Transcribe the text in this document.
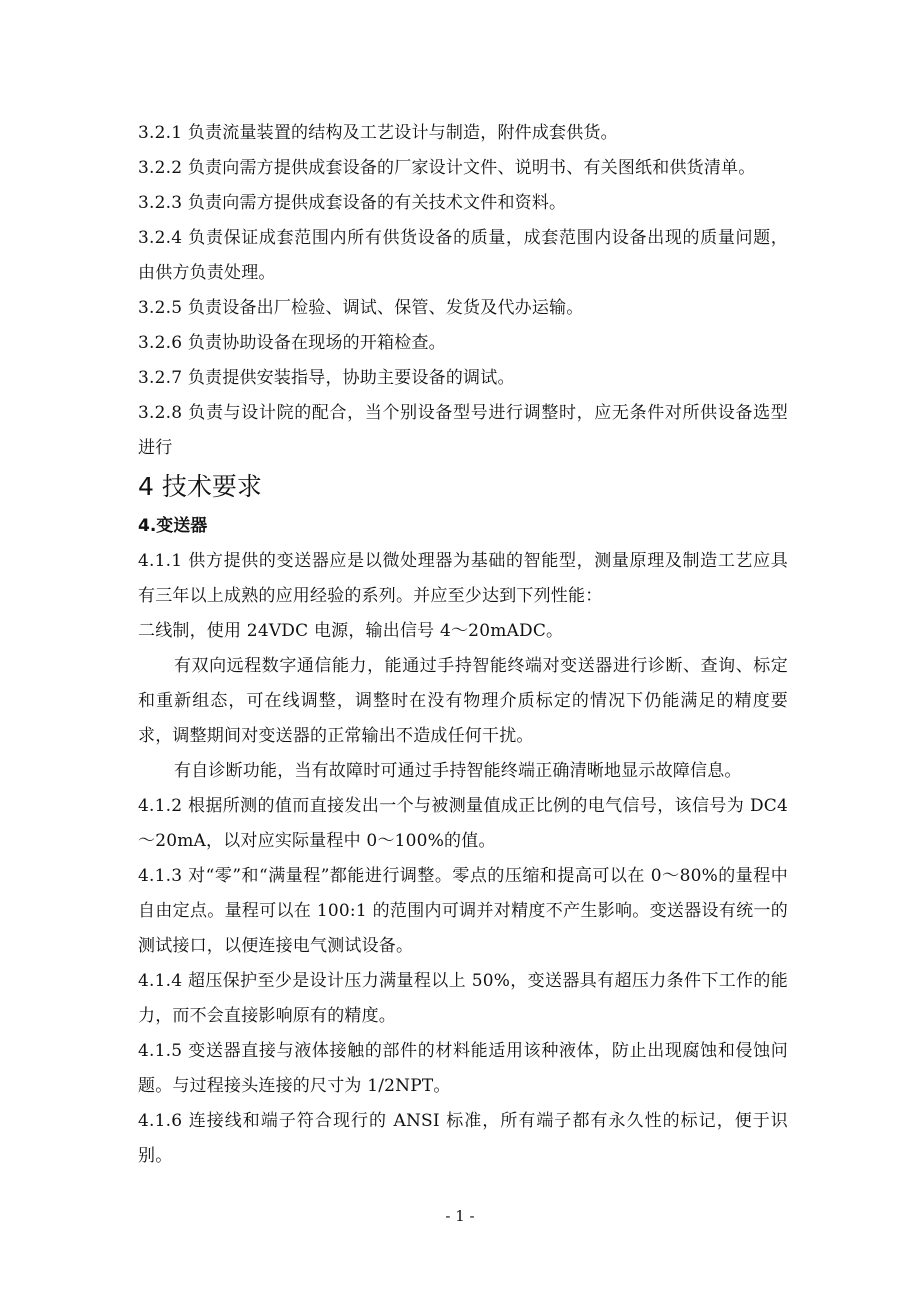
3.2.1 负责流量装置的结构及工艺设计与制造，附件成套供货。

3.2.2 负责向需方提供成套设备的厂家设计文件、说明书、有关图纸和供货清单。

3.2.3 负责向需方提供成套设备的有关技术文件和资料。

3.2.4 负责保证成套范围内所有供货设备的质量，成套范围内设备出现的质量问题，由供方负责处理。

3.2.5 负责设备出厂检验、调试、保管、发货及代办运输。

3.2.6 负责协助设备在现场的开箱检查。

3.2.7 负责提供安装指导，协助主要设备的调试。

3.2.8 负责与设计院的配合，当个别设备型号进行调整时，应无条件对所供设备选型进行

4 技术要求
4.变送器

4.1.1 供方提供的变送器应是以微处理器为基础的智能型，测量原理及制造工艺应具有三年以上成熟的应用经验的系列。并应至少达到下列性能：

二线制，使用 24VDC 电源，输出信号 4～20mADC。

有双向远程数字通信能力，能通过手持智能终端对变送器进行诊断、查询、标定和重新组态，可在线调整，调整时在没有物理介质标定的情况下仍能满足的精度要求，调整期间对变送器的正常输出不造成任何干扰。

有自诊断功能，当有故障时可通过手持智能终端正确清晰地显示故障信息。

4.1.2 根据所测的值而直接发出一个与被测量值成正比例的电气信号，该信号为 DC4～20mA，以对应实际量程中 0～100%的值。

4.1.3 对“零”和“满量程”都能进行调整。零点的压缩和提高可以在 0～80%的量程中自由定点。量程可以在 100:1 的范围内可调并对精度不产生影响。变送器设有统一的测试接口，以便连接电气测试设备。

4.1.4 超压保护至少是设计压力满量程以上 50%，变送器具有超压力条件下工作的能力，而不会直接影响原有的精度。

4.1.5 变送器直接与液体接触的部件的材料能适用该种液体，防止出现腐蚀和侵蚀问题。与过程接头连接的尺寸为 1/2NPT。

4.1.6 连接线和端子符合现行的 ANSI 标准，所有端子都有永久性的标记，便于识别。

- 1 -
